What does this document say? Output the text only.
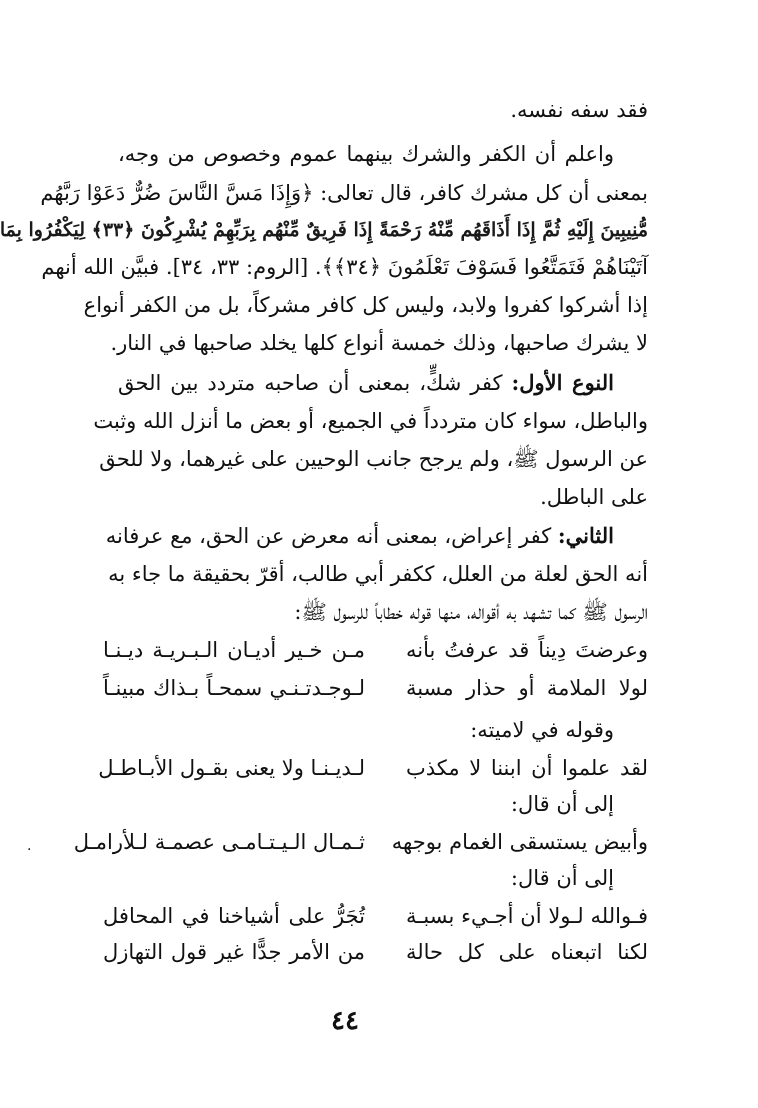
فقد سفه نفسه.
واعلم أن الكفر والشرك بينهما عموم وخصوص من وجه،
بمعنى أن كل مشرك كافر، قال تعالى: ﴿وَإِذَا مَسَّ النَّاسَ ضُرٌّ دَعَوْا رَبَّهُم
مُّنِيبِينَ إِلَيْهِ ثُمَّ إِذَا أَذَاقَهُم مِّنْهُ رَحْمَةً إِذَا فَرِيقٌ مِّنْهُم بِرَبِّهِمْ يُشْرِكُونَ ﴿٣٣﴾ لِيَكْفُرُوا بِمَا
آتَيْنَاهُمْ فَتَمَتَّعُوا فَسَوْفَ تَعْلَمُونَ ﴿٣٤﴾﴾. [الروم: ٣٣، ٣٤]. فبيَّن الله أنهم
إذا أشركوا كفروا ولابد، وليس كل كافر مشركاً، بل من الكفر أنواع
لا يشرك صاحبها، وذلك خمسة أنواع كلها يخلد صاحبها في النار.
النوع الأول: كفر شكٍّ، بمعنى أن صاحبه متردد بين الحق
والباطل، سواء كان متردداً في الجميع، أو بعض ما أنزل الله وثبت
عن الرسول ﷺ، ولم يرجح جانب الوحيين على غيرهما، ولا للحق
على الباطل.
الثاني: كفر إعراض، بمعنى أنه معرض عن الحق، مع عرفانه
أنه الحق لعلة من العلل، ككفر أبي طالب، أقرّ بحقيقة ما جاء به
الرسول ﷺ كما تشهد به أقواله، منها قوله خطاباً للرسول ﷺ:
وعرضتَ دِيناً قد عرفتُ بأنه
مـن خـير أديـان الـبـريـة ديـنـا
لولا الملامة أو حذار مسبة
لـوجـدتـنـي سمحـاً بـذاك مبينـاً
وقوله في لاميته:
لقد علموا أن ابننا لا مكذب
لـديـنـا ولا يعنى بقـول الأبـاطـل
إلى أن قال:
وأبيض يستسقى الغمام بوجهه
ثـمـال الـيـتـامـى عصمـة لـلأرامـل
إلى أن قال:
فـوالله لـولا أن أجـيء بسبـة
تُجَرُّ على أشياخنا في المحافل
لكنا اتبعناه على كل حالة
من الأمر جدًّا غير قول التهازل
٤٤
.
